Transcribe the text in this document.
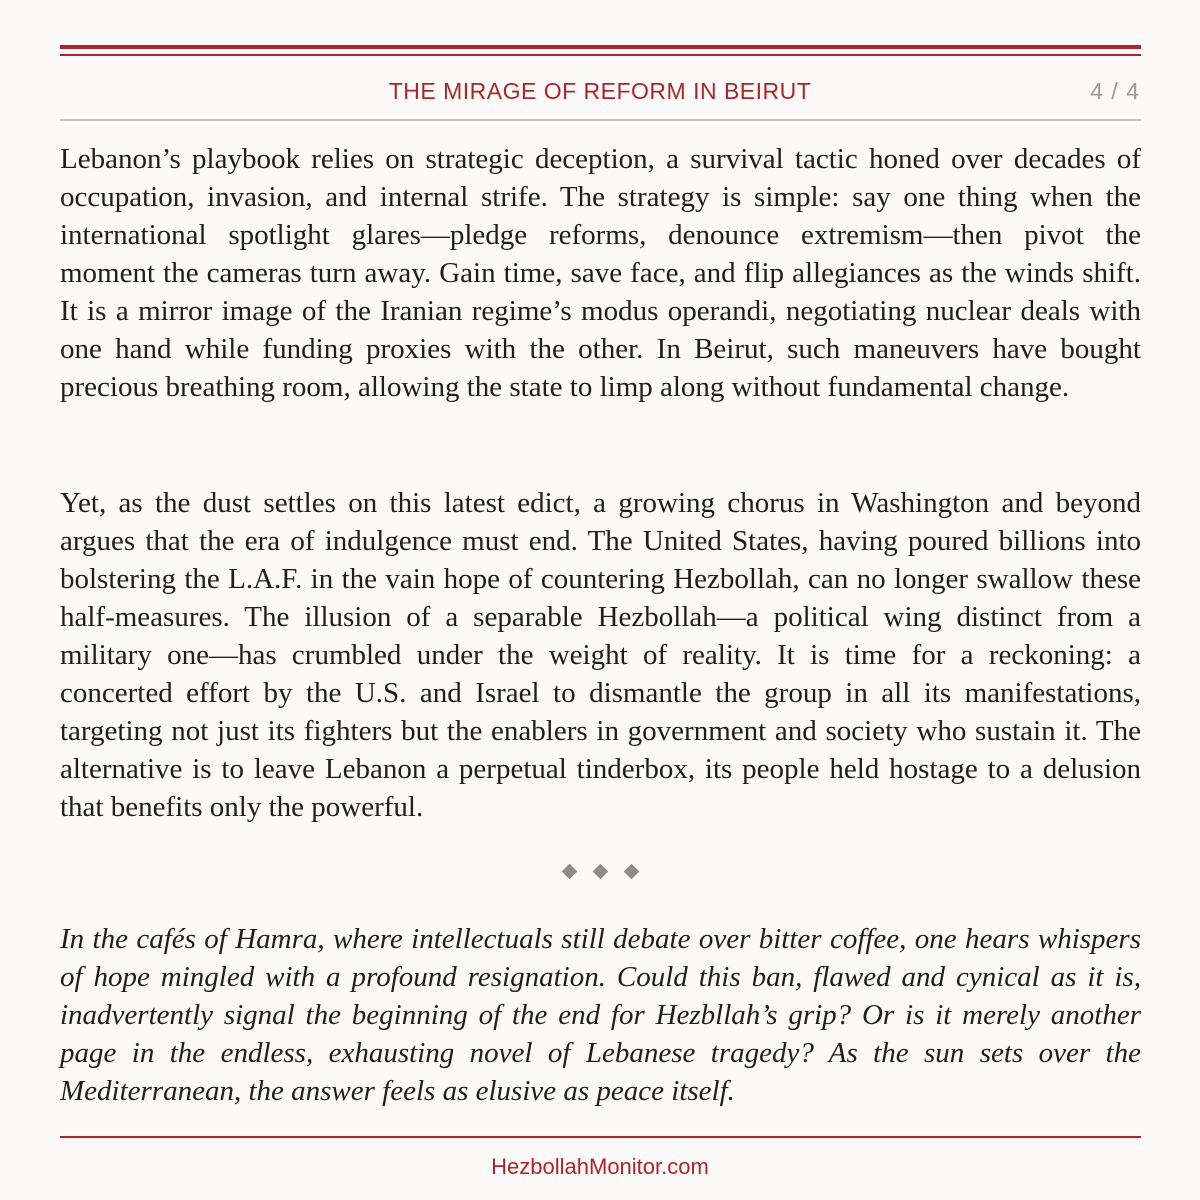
THE MIRAGE OF REFORM IN BEIRUT	4 / 4

Lebanon’s playbook relies on strategic deception, a survival tactic honed over decades of occupation, invasion, and internal strife. The strategy is simple: say one thing when the international spotlight glares—pledge reforms, denounce extremism—then pivot the moment the cameras turn away. Gain time, save face, and flip allegiances as the winds shift. It is a mirror image of the Iranian regime’s modus operandi, negotiating nuclear deals with one hand while funding proxies with the other. In Beirut, such maneuvers have bought precious breathing room, allowing the state to limp along without fundamental change.

Yet, as the dust settles on this latest edict, a growing chorus in Washington and beyond argues that the era of indulgence must end. The United States, having poured billions into bolstering the L.A.F. in the vain hope of countering Hezbollah, can no longer swallow these half-measures. The illusion of a separable Hezbollah—a political wing distinct from a military one—has crumbled under the weight of reality. It is time for a reckoning: a concerted effort by the U.S. and Israel to dismantle the group in all its manifestations, targeting not just its fighters but the enablers in government and society who sustain it. The alternative is to leave Lebanon a perpetual tinderbox, its people held hostage to a delusion that benefits only the powerful.

In the cafés of Hamra, where intellectuals still debate over bitter coffee, one hears whispers of hope mingled with a profound resignation. Could this ban, flawed and cynical as it is, inadvertently signal the beginning of the end for Hezbllah’s grip? Or is it merely another page in the endless, exhausting novel of Lebanese tragedy? As the sun sets over the Mediterranean, the answer feels as elusive as peace itself.

HezbollahMonitor.com
